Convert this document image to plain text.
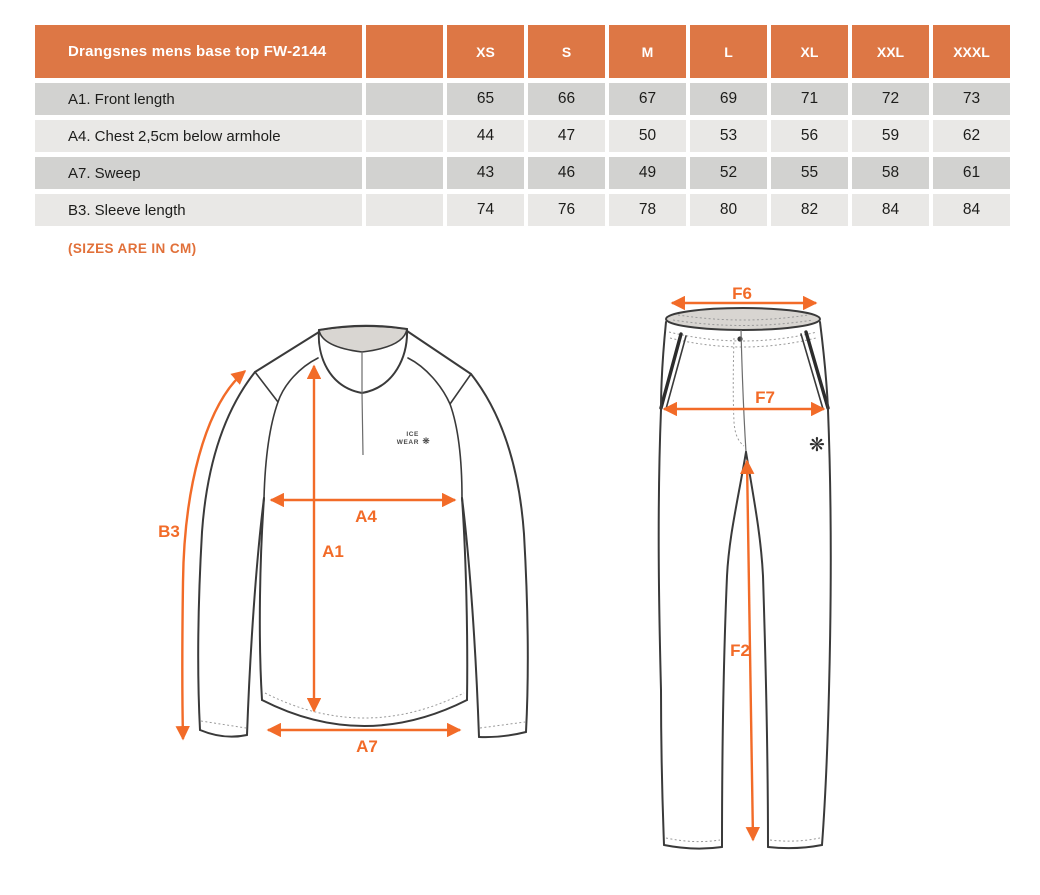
Drangsnes mens base top FW-2144	XS	S	M	L	XL	XXL	XXXL
A1. Front length	65	66	67	69	71	72	73
A4. Chest 2,5cm below armhole	44	47	50	53	56	59	62
A7. Sweep	43	46	49	52	55	58	61
B3. Sleeve length	74	76	78	80	82	84	84
(SIZES ARE IN CM)
ICE
WEAR ❋
B3
A4
A1
A7
❋
F6
F7
F2
